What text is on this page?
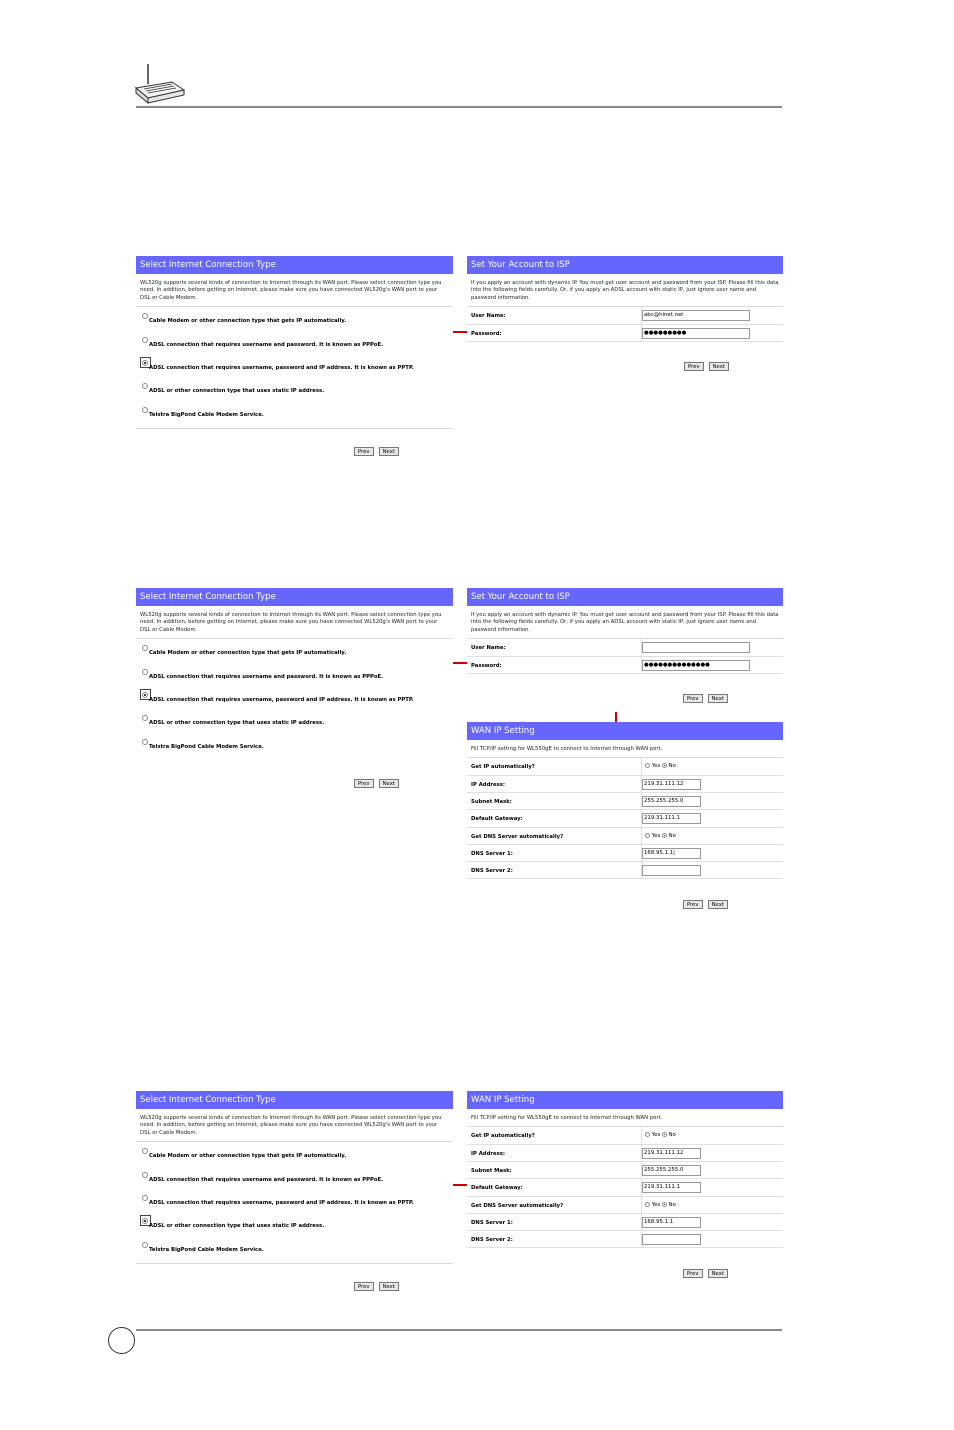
Select Internet Connection Type
WL520g supports several kinds of connection to Internet through its WAN port. Please select connection type you need. In addition, before getting on Internet, please make sure you have connected WL520g's WAN port to your DSL or Cable Modem.
Cable Modem or other connection type that gets IP automatically.
ADSL connection that requires username and password. It is known as PPPoE.
ADSL connection that requires username, password and IP address. It is known as PPTP.
ADSL or other connection type that uses static IP address.
Telstra BigPond Cable Modem Service.
Prev Next
Set Your Account to ISP
If you apply an account with dynamic IP. You must get user account and password from your ISP. Please fill this data into the following fields carefully. Or, if you apply an ADSL account with static IP, just ignore user name and password information.
User Name:	abc@hinet.net
Password:	●●●●●●●●●
Prev Next
Select Internet Connection Type
WL520g supports several kinds of connection to Internet through its WAN port. Please select connection type you need. In addition, before getting on Internet, please make sure you have connected WL520g's WAN port to your DSL or Cable Modem.
Cable Modem or other connection type that gets IP automatically.
ADSL connection that requires username and password. It is known as PPPoE.
ADSL connection that requires username, password and IP address. It is known as PPTP.
ADSL or other connection type that uses static IP address.
Telstra BigPond Cable Modem Service.
Prev Next
Set Your Account to ISP
If you apply an account with dynamic IP. You must get user account and password from your ISP. Please fill this data into the following fields carefully. Or, if you apply an ADSL account with static IP, just ignore user name and password information.
User Name:
Password:	●●●●●●●●●●●●●●
Prev Next
WAN IP Setting
Fill TCP/IP setting for WL550gE to connect to Internet through WAN port.
Get IP automatically?	Yes No
IP Address:	219.31.111.12
Subnet Mask:	255.255.255.0
Default Gateway:	219.31.111.1
Get DNS Server automatically?	Yes No
DNS Server 1:	168.95.1.1|
DNS Server 2:
Prev Next
Select Internet Connection Type
WL520g supports several kinds of connection to Internet through its WAN port. Please select connection type you need. In addition, before getting on Internet, please make sure you have connected WL520g's WAN port to your DSL or Cable Modem.
Cable Modem or other connection type that gets IP automatically.
ADSL connection that requires username and password. It is known as PPPoE.
ADSL connection that requires username, password and IP address. It is known as PPTP.
ADSL or other connection type that uses static IP address.
Telstra BigPond Cable Modem Service.
Prev Next
WAN IP Setting
Fill TCP/IP setting for WL550gE to connect to Internet through WAN port.
Get IP automatically?	Yes No
IP Address:	219.31.111.12
Subnet Mask:	255.255.255.0
Default Gateway:	219.31.111.1
Get DNS Server automatically?	Yes No
DNS Server 1:	168.95.1.1
DNS Server 2:
Prev Next
